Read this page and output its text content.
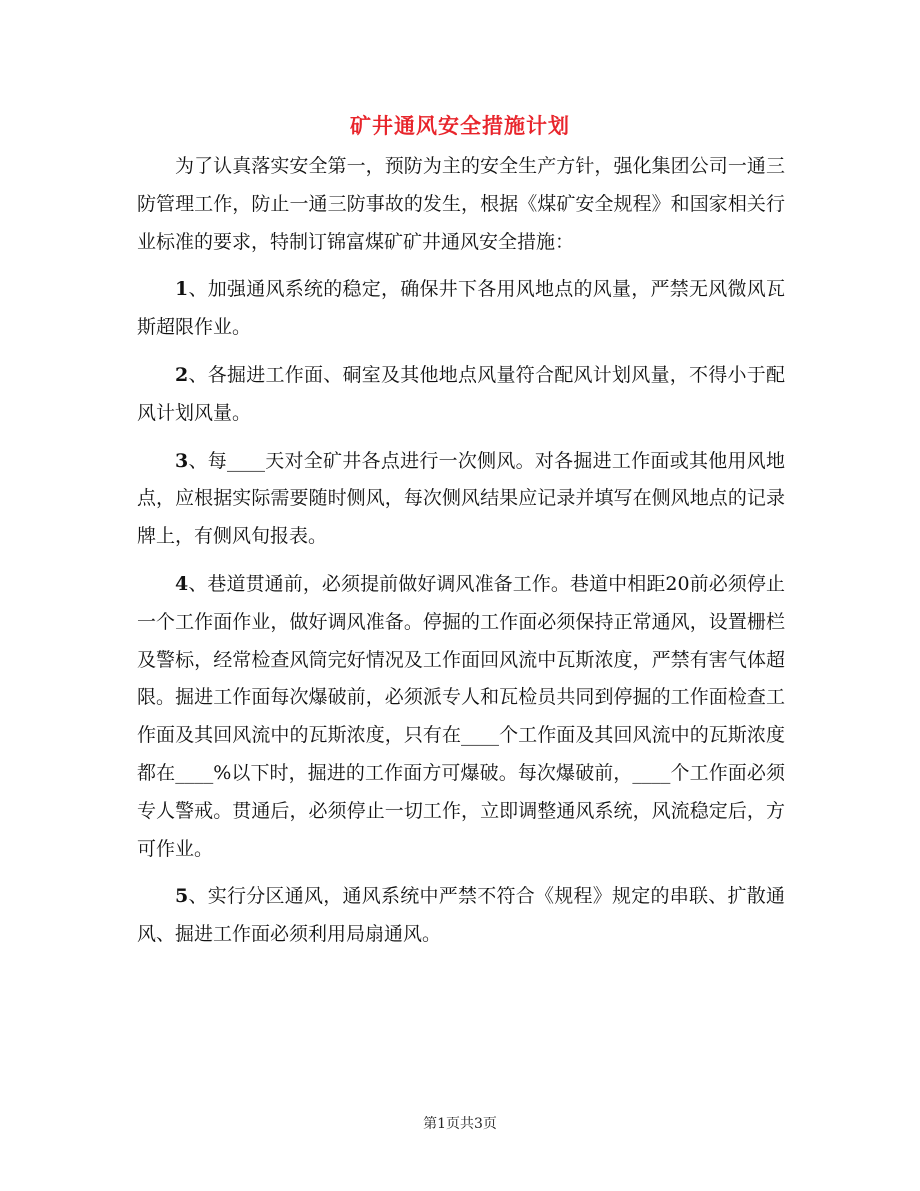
矿井通风安全措施计划

为了认真落实安全第一，预防为主的安全生产方针，强化集团公司一通三防管理工作，防止一通三防事故的发生，根据《煤矿安全规程》和国家相关行业标准的要求，特制订锦富煤矿矿井通风安全措施：

1、加强通风系统的稳定，确保井下各用风地点的风量，严禁无风微风瓦斯超限作业。

2、各掘进工作面、硐室及其他地点风量符合配风计划风量，不得小于配风计划风量。

3、每____天对全矿井各点进行一次侧风。对各掘进工作面或其他用风地点，应根据实际需要随时侧风，每次侧风结果应记录并填写在侧风地点的记录牌上，有侧风旬报表。

4、巷道贯通前，必须提前做好调风准备工作。巷道中相距20前必须停止一个工作面作业，做好调风准备。停掘的工作面必须保持正常通风，设置栅栏及警标，经常检查风筒完好情况及工作面回风流中瓦斯浓度，严禁有害气体超限。掘进工作面每次爆破前，必须派专人和瓦检员共同到停掘的工作面检查工作面及其回风流中的瓦斯浓度，只有在____个工作面及其回风流中的瓦斯浓度都在____%以下时，掘进的工作面方可爆破。每次爆破前，____个工作面必须专人警戒。贯通后，必须停止一切工作，立即调整通风系统，风流稳定后，方可作业。

5、实行分区通风，通风系统中严禁不符合《规程》规定的串联、扩散通风、掘进工作面必须利用局扇通风。

第1页共3页
